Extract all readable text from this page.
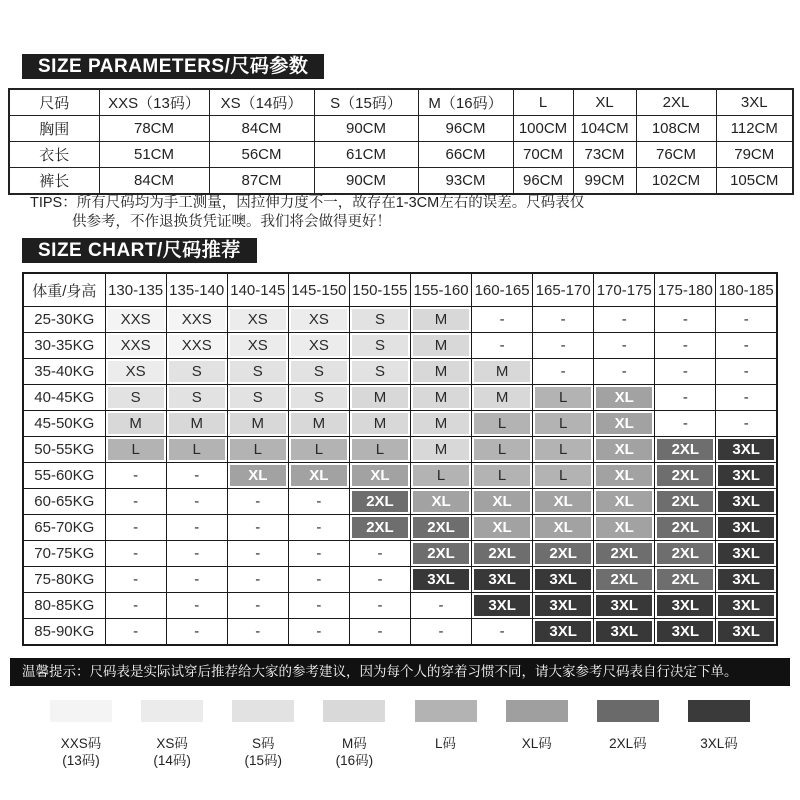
SIZE PARAMETERS/尺码参数
尺码	XXS（13码）	XS（14码）	S（15码）	M（16码）	L	XL	2XL	3XL
胸围	78CM	84CM	90CM	96CM	100CM	104CM	108CM	112CM
衣长	51CM	56CM	61CM	66CM	70CM	73CM	76CM	79CM
裤长	84CM	87CM	90CM	93CM	96CM	99CM	102CM	105CM
TIPS：所有尺码均为手工测量，因拉伸力度不一，故存在1-3CM左右的误差。尺码表仅
供参考，不作退换货凭证噢。我们将会做得更好！
SIZE CHART/尺码推荐
体重/身高	130-135	135-140	140-145	145-150	150-155	155-160	160-165	165-170	170-175	175-180	180-185
25-30KG	XXS	XXS	XS	XS	S	M	-	-	-	-	-
30-35KG	XXS	XXS	XS	XS	S	M	-	-	-	-	-
35-40KG	XS	S	S	S	S	M	M	-	-	-	-
40-45KG	S	S	S	S	M	M	M	L	XL	-	-
45-50KG	M	M	M	M	M	M	L	L	XL	-	-
50-55KG	L	L	L	L	L	M	L	L	XL	2XL	3XL
55-60KG	-	-	XL	XL	XL	L	L	L	XL	2XL	3XL
60-65KG	-	-	-	-	2XL	XL	XL	XL	XL	2XL	3XL
65-70KG	-	-	-	-	2XL	2XL	XL	XL	XL	2XL	3XL
70-75KG	-	-	-	-	-	2XL	2XL	2XL	2XL	2XL	3XL
75-80KG	-	-	-	-	-	3XL	3XL	3XL	2XL	2XL	3XL
80-85KG	-	-	-	-	-	-	3XL	3XL	3XL	3XL	3XL
85-90KG	-	-	-	-	-	-	-	3XL	3XL	3XL	3XL
温馨提示：尺码表是实际试穿后推荐给大家的参考建议，因为每个人的穿着习惯不同，请大家参考尺码表自行决定下单。
XXS码
(13码)
XS码
(14码)
S码
(15码)
M码
(16码)
L码	XL码	2XL码	3XL码
